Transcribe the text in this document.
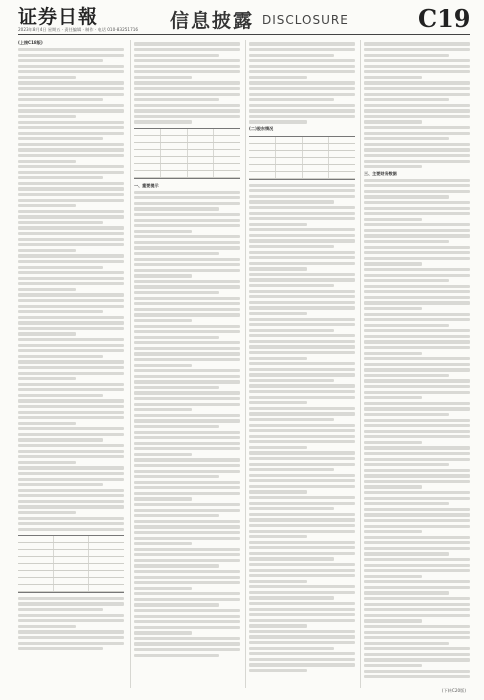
证券日報
2023年8月4日 星期五 · 责任编辑 · 制作 · 电话 010-83251716 信息披露 DISCLOSURE	C19

(上接C18版)

一、重要提示

(二)股东情况

三、主要财务数据

(下转C20版)
